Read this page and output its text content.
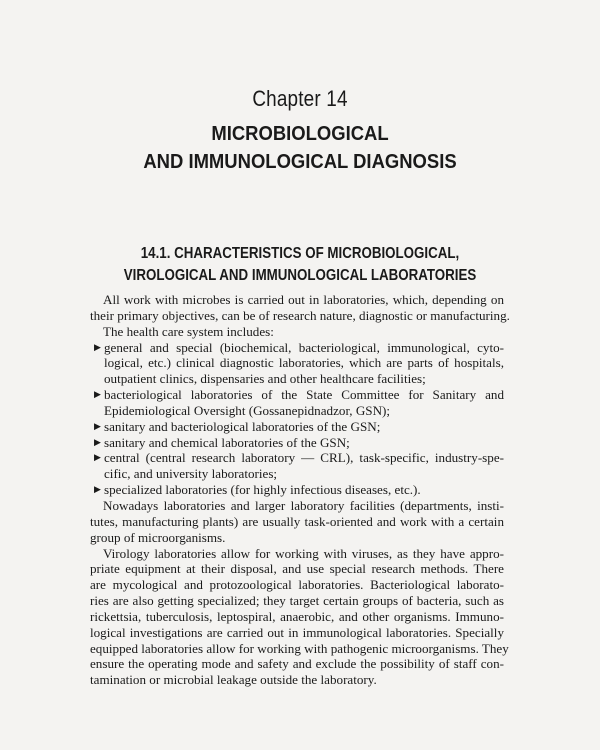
Chapter 14
MICROBIOLOGICAL
AND IMMUNOLOGICAL DIAGNOSIS
14.1. CHARACTERISTICS OF MICROBIOLOGICAL,
VIROLOGICAL AND IMMUNOLOGICAL LABORATORIES

All work with microbes is carried out in laboratories, which, depending on
their primary objectives, can be of research nature, diagnostic or manufacturing.

The health care system includes:

▶ general and special (biochemical, bacteriological, immunological, cyto-
logical, etc.) clinical diagnostic laboratories, which are parts of hospitals,
outpatient clinics, dispensaries and other healthcare facilities;
▶ bacteriological laboratories of the State Committee for Sanitary and
Epidemiological Oversight (Gossanepidnadzor, GSN);
▶ sanitary and bacteriological laboratories of the GSN;
▶ sanitary and chemical laboratories of the GSN;
▶ central (central research laboratory — CRL), task-specific, industry-spe-
cific, and university laboratories;
▶ specialized laboratories (for highly infectious diseases, etc.).

Nowadays laboratories and larger laboratory facilities (departments, insti-
tutes, manufacturing plants) are usually task-oriented and work with a certain
group of microorganisms.

Virology laboratories allow for working with viruses, as they have appro-
priate equipment at their disposal, and use special research methods. There
are mycological and protozoological laboratories. Bacteriological laborato-
ries are also getting specialized; they target certain groups of bacteria, such as
rickettsia, tuberculosis, leptospiral, anaerobic, and other organisms. Immuno-
logical investigations are carried out in immunological laboratories. Specially
equipped laboratories allow for working with pathogenic microorganisms. They
ensure the operating mode and safety and exclude the possibility of staff con-
tamination or microbial leakage outside the laboratory.
